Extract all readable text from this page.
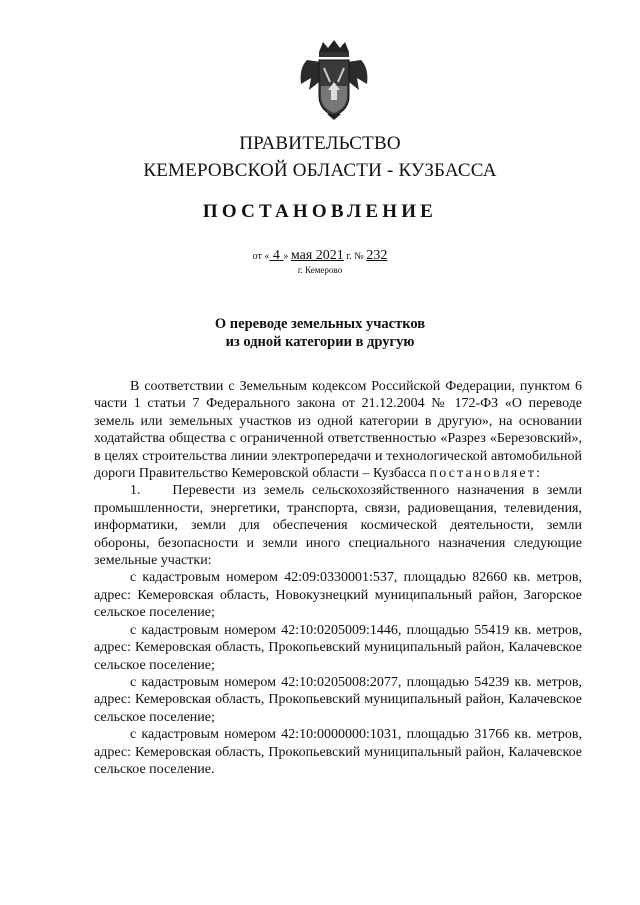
ПРАВИТЕЛЬСТВО
КЕМЕРОВСКОЙ ОБЛАСТИ - КУЗБАССА
ПОСТАНОВЛЕНИЕ
от « 4 » мая 2021 г. № 232
г. Кемерово
О переводе земельных участков
из одной категории в другую

В соответствии с Земельным кодексом Российской Федерации, пунктом 6 части 1 статьи 7 Федерального закона от 21.12.2004 № 172-ФЗ «О переводе земель или земельных участков из одной категории в другую», на основании ходатайства общества с ограниченной ответственностью «Разрез «Березовский», в целях строительства линии электропередачи и технологической автомобильной дороги Правительство Кемеровской области – Кузбасса постановляет:

1.    Перевести из земель сельскохозяйственного назначения в земли промышленности, энергетики, транспорта, связи, радиовещания, телевидения, информатики, земли для обеспечения космической деятельности, земли обороны, безопасности и земли иного специального назначения следующие земельные участки:

с кадастровым номером 42:09:0330001:537, площадью 82660 кв. метров, адрес: Кемеровская область, Новокузнецкий муниципальный район, Загорское сельское поселение;

с кадастровым номером 42:10:0205009:1446, площадью 55419 кв. метров, адрес: Кемеровская область, Прокопьевский муниципальный район, Калачевское сельское поселение;

с кадастровым номером 42:10:0205008:2077, площадью 54239 кв. метров, адрес: Кемеровская область, Прокопьевский муниципальный район, Калачевское сельское поселение;

с кадастровым номером 42:10:0000000:1031, площадью 31766 кв. метров, адрес: Кемеровская область, Прокопьевский муниципальный район, Калачевское сельское поселение.
